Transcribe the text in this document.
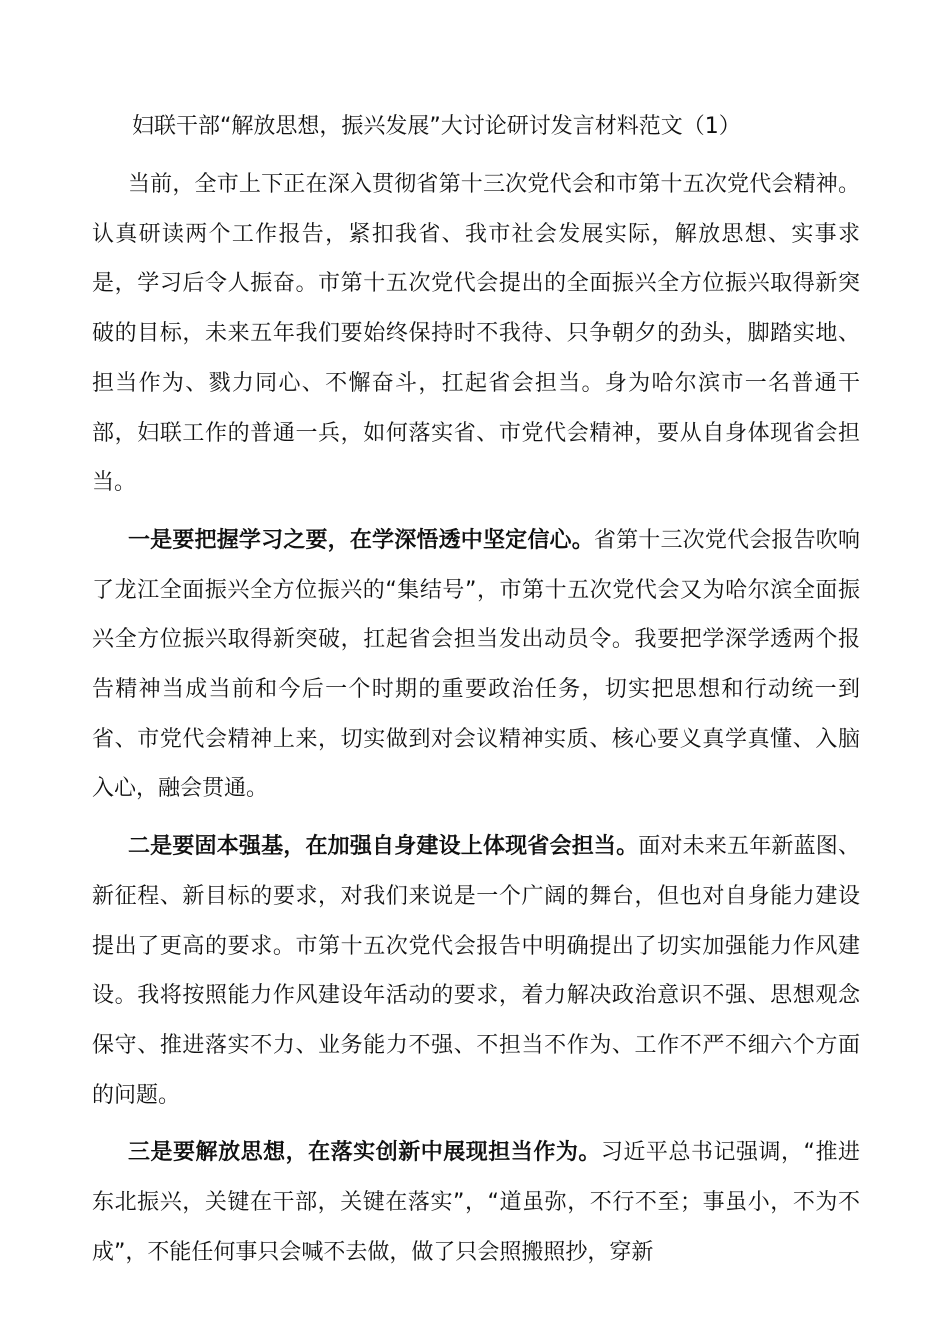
妇联干部“解放思想，振兴发展”大讨论研讨发言材料范文（1）

当前，全市上下正在深入贯彻省第十三次党代会和市第十五次党代会精神。认真研读两个工作报告，紧扣我省、我市社会发展实际，解放思想、实事求是，学习后令人振奋。市第十五次党代会提出的全面振兴全方位振兴取得新突破的目标，未来五年我们要始终保持时不我待、只争朝夕的劲头，脚踏实地、担当作为、戮力同心、不懈奋斗，扛起省会担当。身为哈尔滨市一名普通干部，妇联工作的普通一兵，如何落实省、市党代会精神，要从自身体现省会担当。

一是要把握学习之要，在学深悟透中坚定信心。省第十三次党代会报告吹响了龙江全面振兴全方位振兴的“集结号”，市第十五次党代会又为哈尔滨全面振兴全方位振兴取得新突破，扛起省会担当发出动员令。我要把学深学透两个报告精神当成当前和今后一个时期的重要政治任务，切实把思想和行动统一到省、市党代会精神上来，切实做到对会议精神实质、核心要义真学真懂、入脑入心，融会贯通。

二是要固本强基，在加强自身建设上体现省会担当。面对未来五年新蓝图、新征程、新目标的要求，对我们来说是一个广阔的舞台，但也对自身能力建设提出了更高的要求。市第十五次党代会报告中明确提出了切实加强能力作风建设。我将按照能力作风建设年活动的要求，着力解决政治意识不强、思想观念保守、推进落实不力、业务能力不强、不担当不作为、工作不严不细六个方面的问题。

三是要解放思想，在落实创新中展现担当作为。习近平总书记强调，“推进东北振兴，关键在干部，关键在落实”，“道虽弥，不行不至；事虽小，不为不成”，不能任何事只会喊不去做，做了只会照搬照抄，穿新
